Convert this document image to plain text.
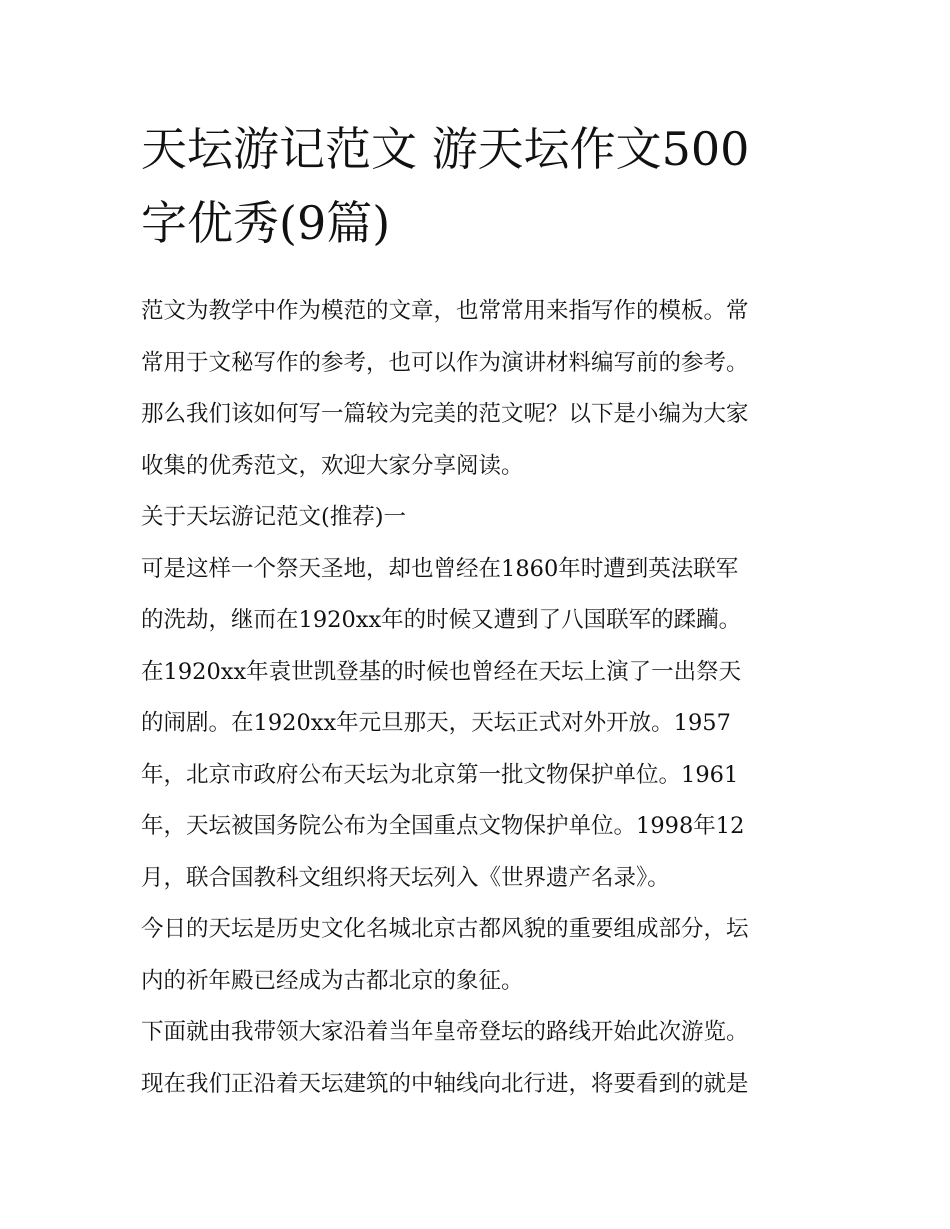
天坛游记范文 游天坛作文500
字优秀(9篇)
范文为教学中作为模范的文章，也常常用来指写作的模板。常
常用于文秘写作的参考，也可以作为演讲材料编写前的参考。
那么我们该如何写一篇较为完美的范文呢？以下是小编为大家
收集的优秀范文，欢迎大家分享阅读。
关于天坛游记范文(推荐)一
可是这样一个祭天圣地，却也曾经在1860年时遭到英法联军
的洗劫，继而在1920xx年的时候又遭到了八国联军的蹂躏。
在1920xx年袁世凯登基的时候也曾经在天坛上演了一出祭天
的闹剧。在1920xx年元旦那天，天坛正式对外开放。1957
年，北京市政府公布天坛为北京第一批文物保护单位。1961
年，天坛被国务院公布为全国重点文物保护单位。1998年12
月，联合国教科文组织将天坛列入《世界遗产名录》。
今日的天坛是历史文化名城北京古都风貌的重要组成部分，坛
内的祈年殿已经成为古都北京的象征。
下面就由我带领大家沿着当年皇帝登坛的路线开始此次游览。
现在我们正沿着天坛建筑的中轴线向北行进，将要看到的就是
